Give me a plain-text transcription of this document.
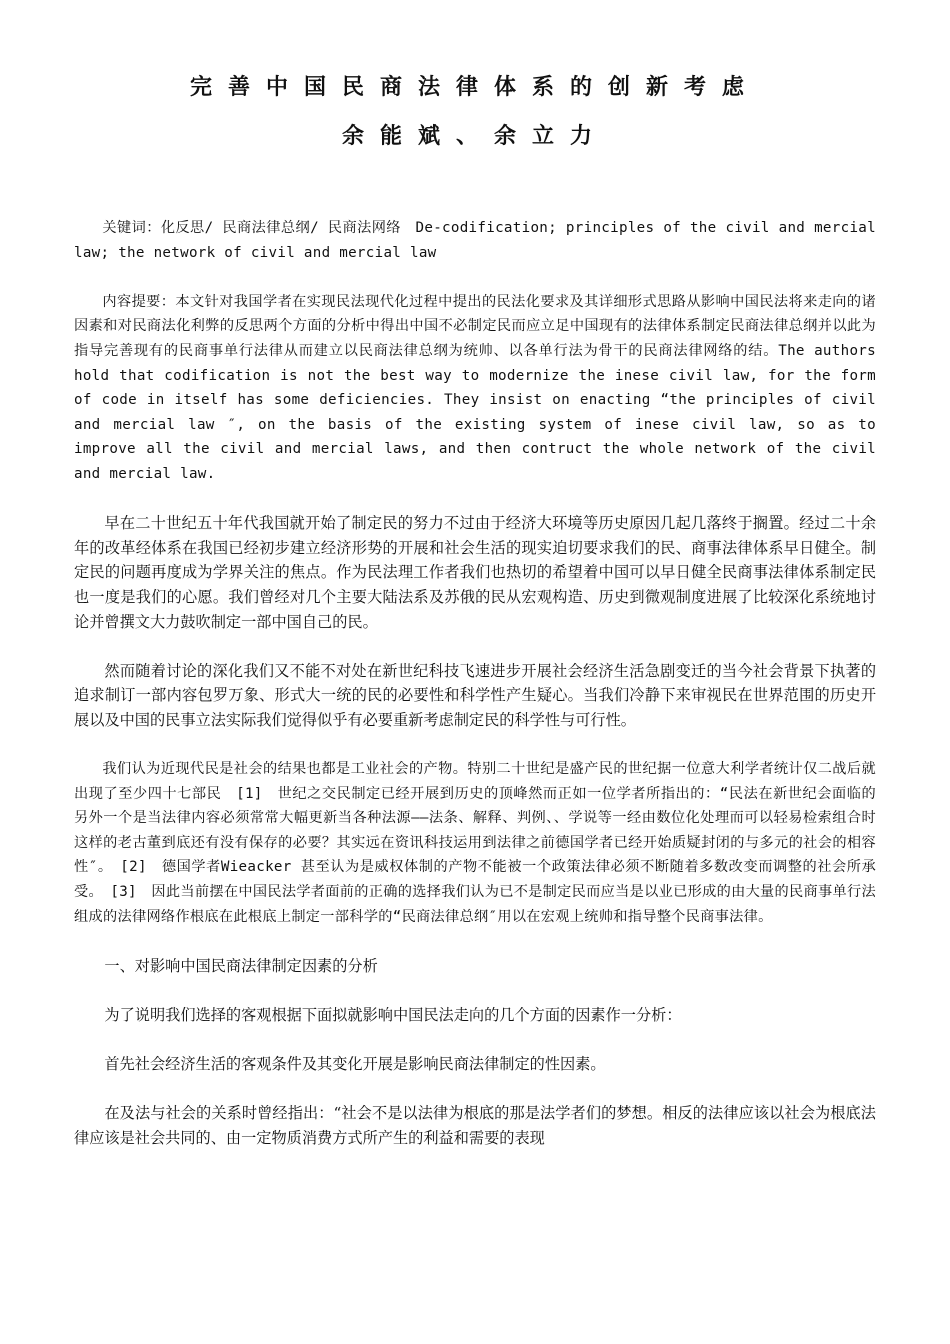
完善中国民商法律体系的创新考虑
余能斌、余立力

关键词：化反思/ 民商法律总纲/ 民商法网络　De-codification; principles of the civil and mercial law; the network of civil and mercial law

内容提要：本文针对我国学者在实现民法现代化过程中提出的民法化要求及其详细形式思路从影响中国民法将来走向的诸因素和对民商法化利弊的反思两个方面的分析中得出中国不必制定民而应立足中国现有的法律体系制定民商法律总纲并以此为指导完善现有的民商事单行法律从而建立以民商法律总纲为统帅、以各单行法为骨干的民商法律网络的结。The authors hold that codification is not the best way to modernize the inese civil law, for the form of code in itself has some deficiencies. They insist on enacting “the principles of civil and mercial law ″, on the basis of the existing system of inese civil law, so as to improve all the civil and mercial laws, and then contruct the whole network of the civil and mercial law.

早在二十世纪五十年代我国就开始了制定民的努力不过由于经济大环境等历史原因几起几落终于搁置。经过二十余年的改革经体系在我国已经初步建立经济形势的开展和社会生活的现实迫切要求我们的民、商事法律体系早日健全。制定民的问题再度成为学界关注的焦点。作为民法理工作者我们也热切的希望着中国可以早日健全民商事法律体系制定民也一度是我们的心愿。我们曾经对几个主要大陆法系及苏俄的民从宏观构造、历史到微观制度进展了比较深化系统地讨论并曾撰文大力鼓吹制定一部中国自己的民。

然而随着讨论的深化我们又不能不对处在新世纪科技飞速进步开展社会经济生活急剧变迁的当今社会背景下执著的追求制订一部内容包罗万象、形式大一统的民的必要性和科学性产生疑心。当我们冷静下来审视民在世界范围的历史开展以及中国的民事立法实际我们觉得似乎有必要重新考虑制定民的科学性与可行性。

我们认为近现代民是社会的结果也都是工业社会的产物。特别二十世纪是盛产民的世纪据一位意大利学者统计仅二战后就出现了至少四十七部民　[1]　世纪之交民制定已经开展到历史的顶峰然而正如一位学者所指出的：“民法在新世纪会面临的另外一个是当法律内容必须常常大幅更新当各种法源——法条、解释、判例、、学说等一经由数位化处理而可以轻易检索组合时这样的老古董到底还有没有保存的必要？其实远在资讯科技运用到法律之前德国学者已经开始质疑封闭的与多元的社会的相容性″。　[2]　德国学者Wieacker 甚至认为是威权体制的产物不能被一个政策法律必须不断随着多数改变而调整的社会所承受。　[3]　因此当前摆在中国民法学者面前的正确的选择我们认为已不是制定民而应当是以业已形成的由大量的民商事单行法组成的法律网络作根底在此根底上制定一部科学的“民商法律总纲″用以在宏观上统帅和指导整个民商事法律。

一、对影响中国民商法律制定因素的分析

为了说明我们选择的客观根据下面拟就影响中国民法走向的几个方面的因素作一分析：

首先社会经济生活的客观条件及其变化开展是影响民商法律制定的性因素。

在及法与社会的关系时曾经指出：“社会不是以法律为根底的那是法学者们的梦想。相反的法律应该以社会为根底法律应该是社会共同的、由一定物质消费方式所产生的利益和需要的表现
